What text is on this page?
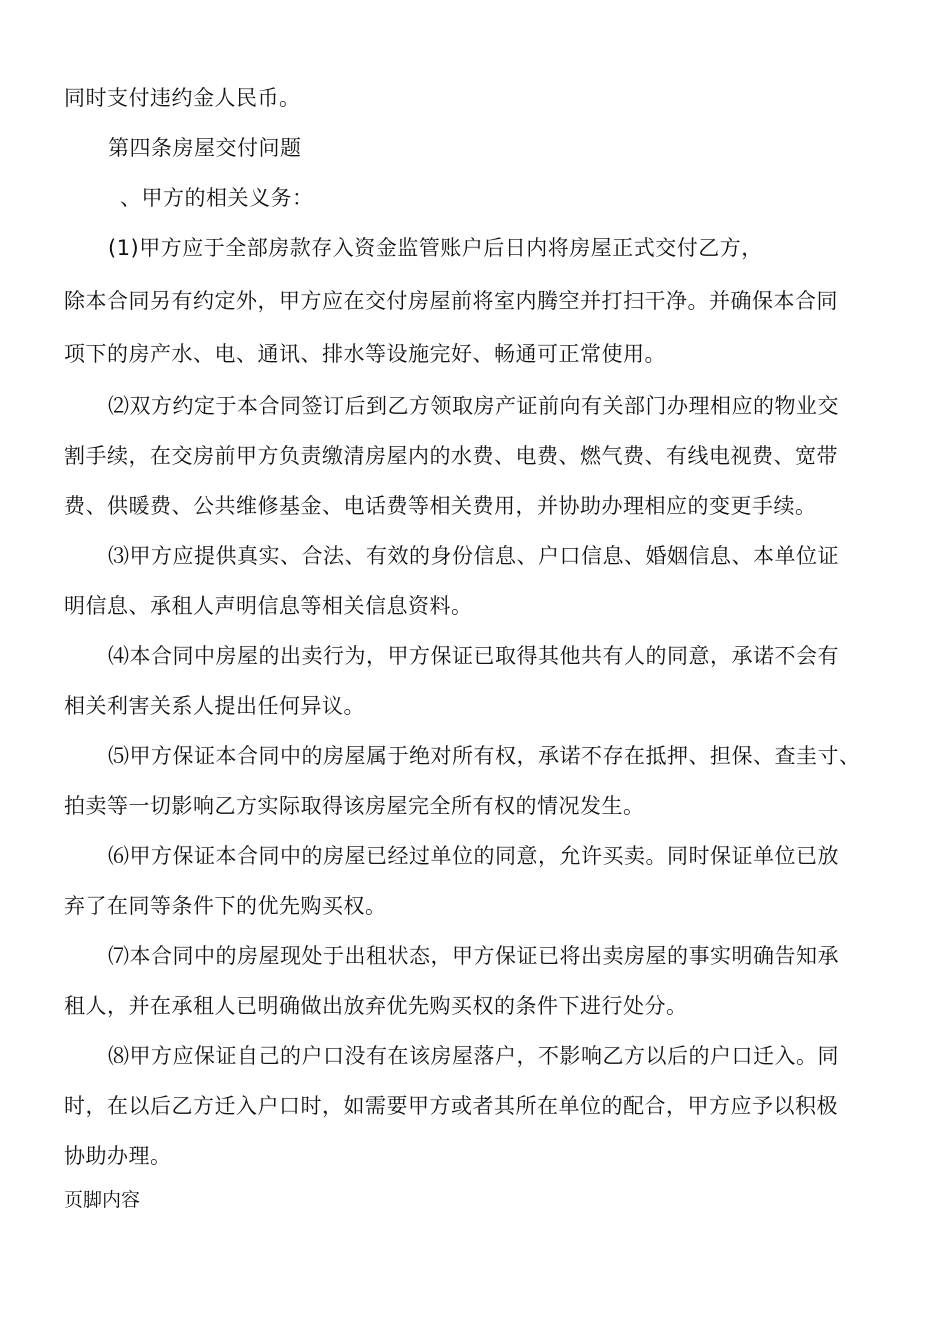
同时支付违约金人民币。
第四条房屋交付问题
、甲方的相关义务：
(1)甲方应于全部房款存入资金监管账户后日内将房屋正式交付乙方，
除本合同另有约定外，甲方应在交付房屋前将室内腾空并打扫干净。并确保本合同
项下的房产水、电、通讯、排水等设施完好、畅通可正常使用。
⑵双方约定于本合同签订后到乙方领取房产证前向有关部门办理相应的物业交
割手续，在交房前甲方负责缴清房屋内的水费、电费、燃气费、有线电视费、宽带
费、供暖费、公共维修基金、电话费等相关费用，并协助办理相应的变更手续。
⑶甲方应提供真实、合法、有效的身份信息、户口信息、婚姻信息、本单位证
明信息、承租人声明信息等相关信息资料。
⑷本合同中房屋的出卖行为，甲方保证已取得其他共有人的同意，承诺不会有
相关利害关系人提出任何异议。
⑸甲方保证本合同中的房屋属于绝对所有权，承诺不存在抵押、担保、查圭寸、
拍卖等一切影响乙方实际取得该房屋完全所有权的情况发生。
⑹甲方保证本合同中的房屋已经过单位的同意，允许买卖。同时保证单位已放
弃了在同等条件下的优先购买权。
⑺本合同中的房屋现处于出租状态，甲方保证已将出卖房屋的事实明确告知承
租人，并在承租人已明确做出放弃优先购买权的条件下进行处分。
⑻甲方应保证自己的户口没有在该房屋落户，不影响乙方以后的户口迁入。同
时，在以后乙方迁入户口时，如需要甲方或者其所在单位的配合，甲方应予以积极
协助办理。
页脚内容
